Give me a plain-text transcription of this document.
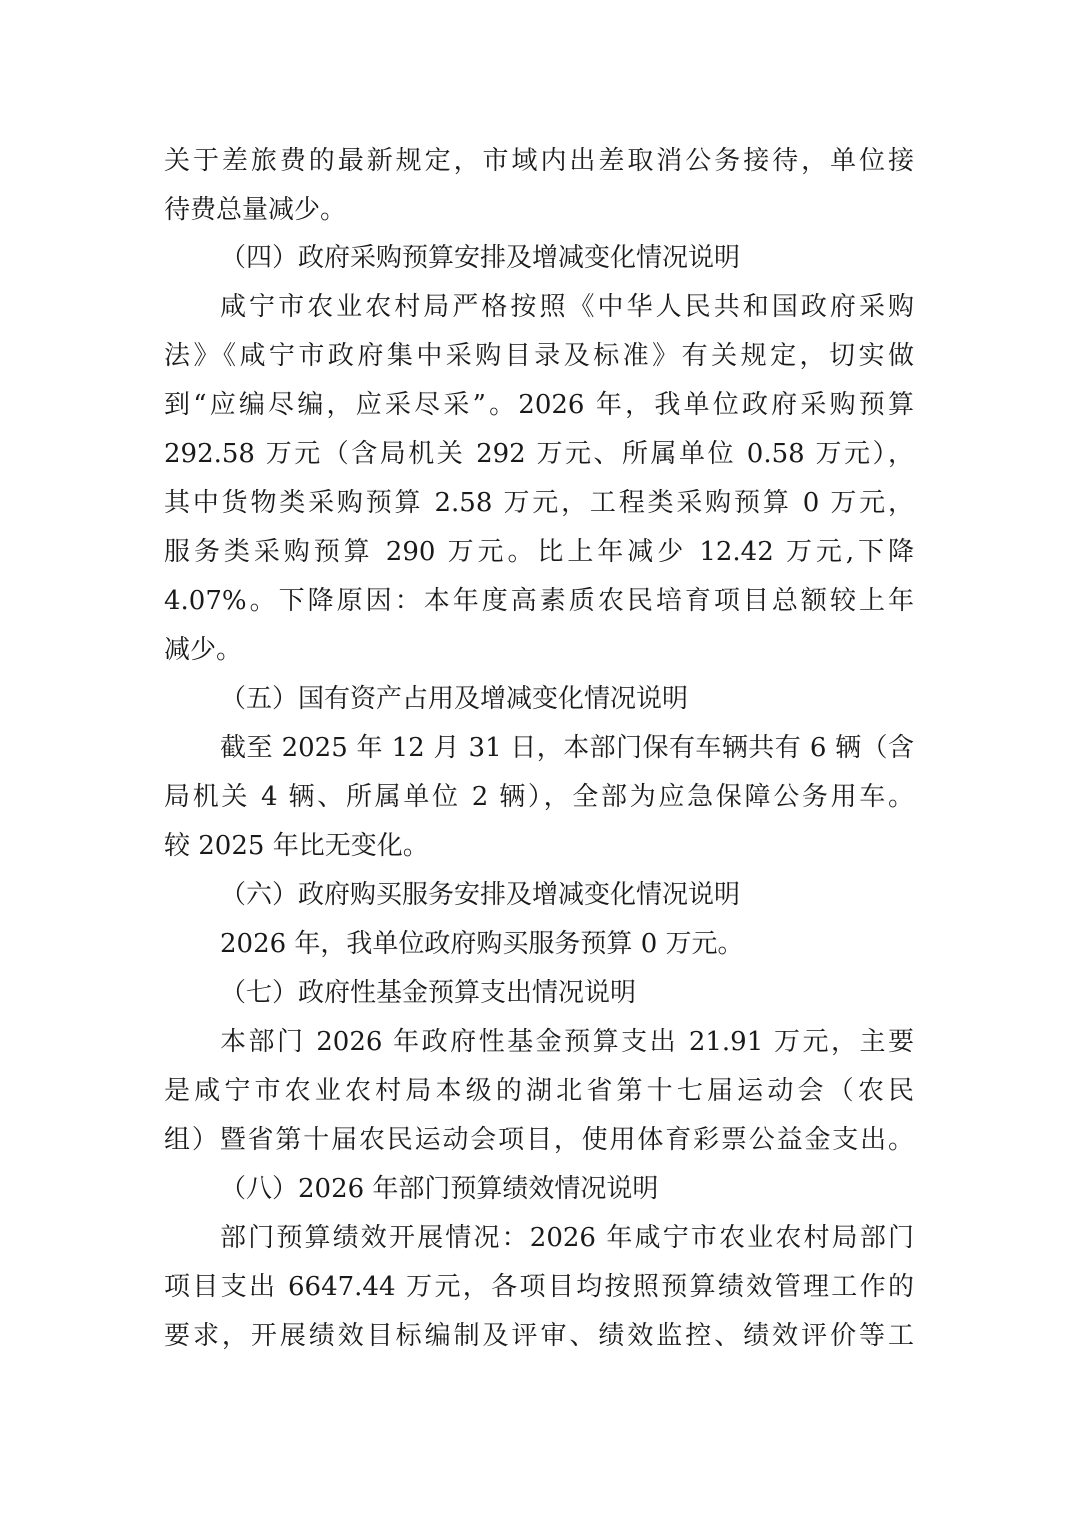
关于差旅费的最新规定，市域内出差取消公务接待，单位接
待费总量减少。
（四）政府采购预算安排及增减变化情况说明
咸宁市农业农村局严格按照《中华人民共和国政府采购
法》《咸宁市政府集中采购目录及标准》有关规定，切实做
到“应编尽编，应采尽采”。2026 年，我单位政府采购预算
292.58 万元（含局机关 292 万元、所属单位 0.58 万元），
其中货物类采购预算 2.58 万元，工程类采购预算 0 万元，
服务类采购预算 290 万元。比上年减少 12.42 万元,下降
4.07%。下降原因：本年度高素质农民培育项目总额较上年
减少。
（五）国有资产占用及增减变化情况说明
截至 2025 年 12 月 31 日，本部门保有车辆共有 6 辆（含
局机关 4 辆、所属单位 2 辆），全部为应急保障公务用车。
较 2025 年比无变化。
（六）政府购买服务安排及增减变化情况说明
2026 年，我单位政府购买服务预算 0 万元。
（七）政府性基金预算支出情况说明
本部门 2026 年政府性基金预算支出 21.91 万元，主要
是咸宁市农业农村局本级的湖北省第十七届运动会（农民
组）暨省第十届农民运动会项目，使用体育彩票公益金支出。
（八）2026 年部门预算绩效情况说明
部门预算绩效开展情况：2026 年咸宁市农业农村局部门
项目支出 6647.44 万元，各项目均按照预算绩效管理工作的
要求，开展绩效目标编制及评审、绩效监控、绩效评价等工
